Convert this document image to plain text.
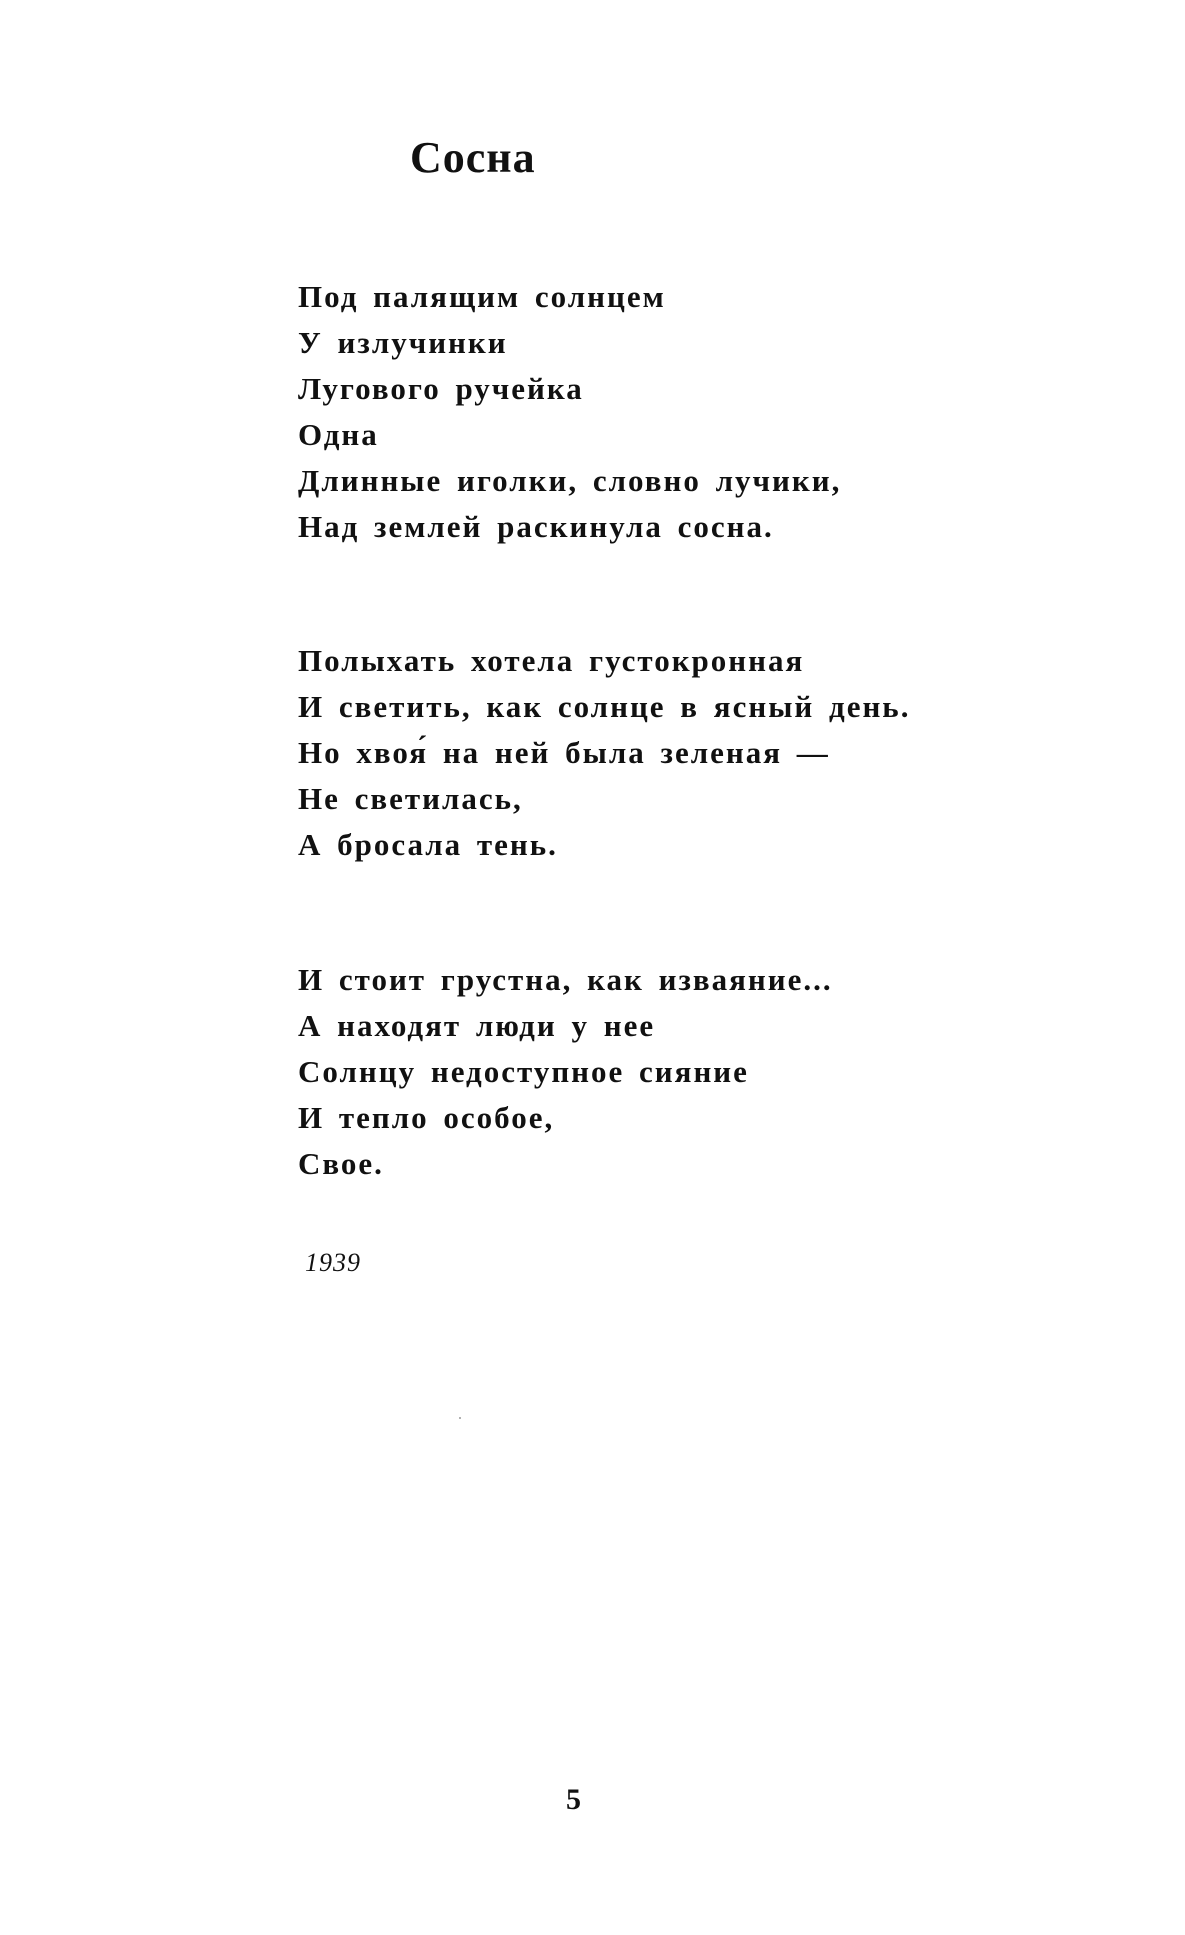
Сосна
Под палящим солнцем
У излучинки
Лугового ручейка
Одна
Длинные иголки, словно лучики,
Над землей раскинула сосна.
Полыхать хотела густокронная
И светить, как солнце в ясный день.
Но хвоя́ на ней была зеленая —
Не светилась,
А бросала тень.
И стоит грустна, как изваяние...
А находят люди у нее
Солнцу недоступное сияние
И тепло особое,
Свое.
1939
5
